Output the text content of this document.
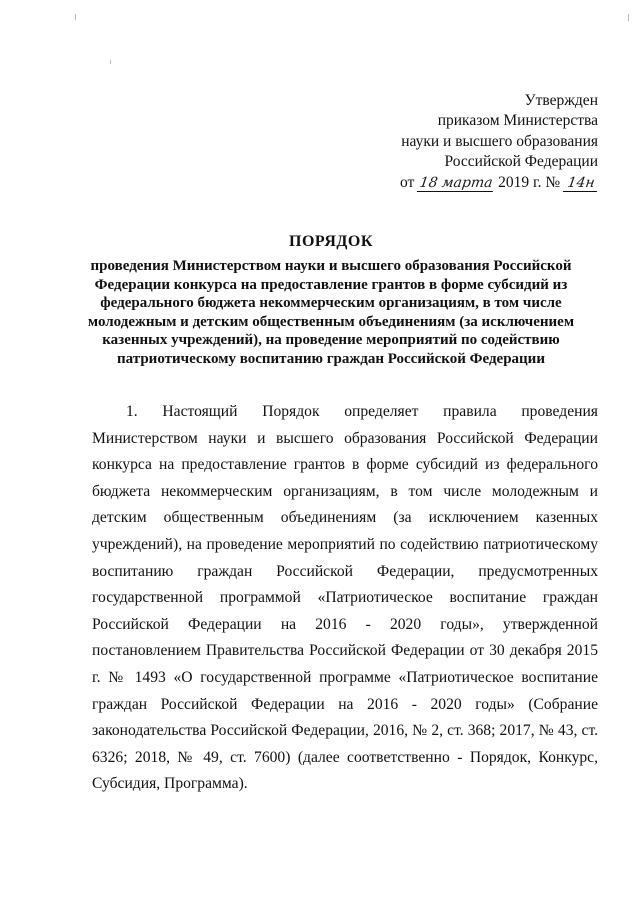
Утвержден
приказом Министерства
науки и высшего образования
Российской Федерации
от 18 марта 2019 г. № 14н

ПОРЯДОК

проведения Министерством науки и высшего образования Российской Федерации конкурса на предоставление грантов в форме субсидий из федерального бюджета некоммерческим организациям, в том числе молодежным и детским общественным объединениям (за исключением казенных учреждений), на проведение мероприятий по содействию патриотическому воспитанию граждан Российской Федерации

1. Настоящий Порядок определяет правила проведения Министерством науки и высшего образования Российской Федерации конкурса на предоставление грантов в форме субсидий из федерального бюджета некоммерческим организациям, в том числе молодежным и детским общественным объединениям (за исключением казенных учреждений), на проведение мероприятий по содействию патриотическому воспитанию граждан Российской Федерации, предусмотренных государственной программой «Патриотическое воспитание граждан Российской Федерации на 2016 - 2020 годы», утвержденной постановлением Правительства Российской Федерации от 30 декабря 2015 г. № 1493 «О государственной программе «Патриотическое воспитание граждан Российской Федерации на 2016 - 2020 годы» (Собрание законодательства Российской Федерации, 2016, № 2, ст. 368; 2017, № 43, ст. 6326; 2018, № 49, ст. 7600) (далее соответственно - Порядок, Конкурс, Субсидия, Программа).
